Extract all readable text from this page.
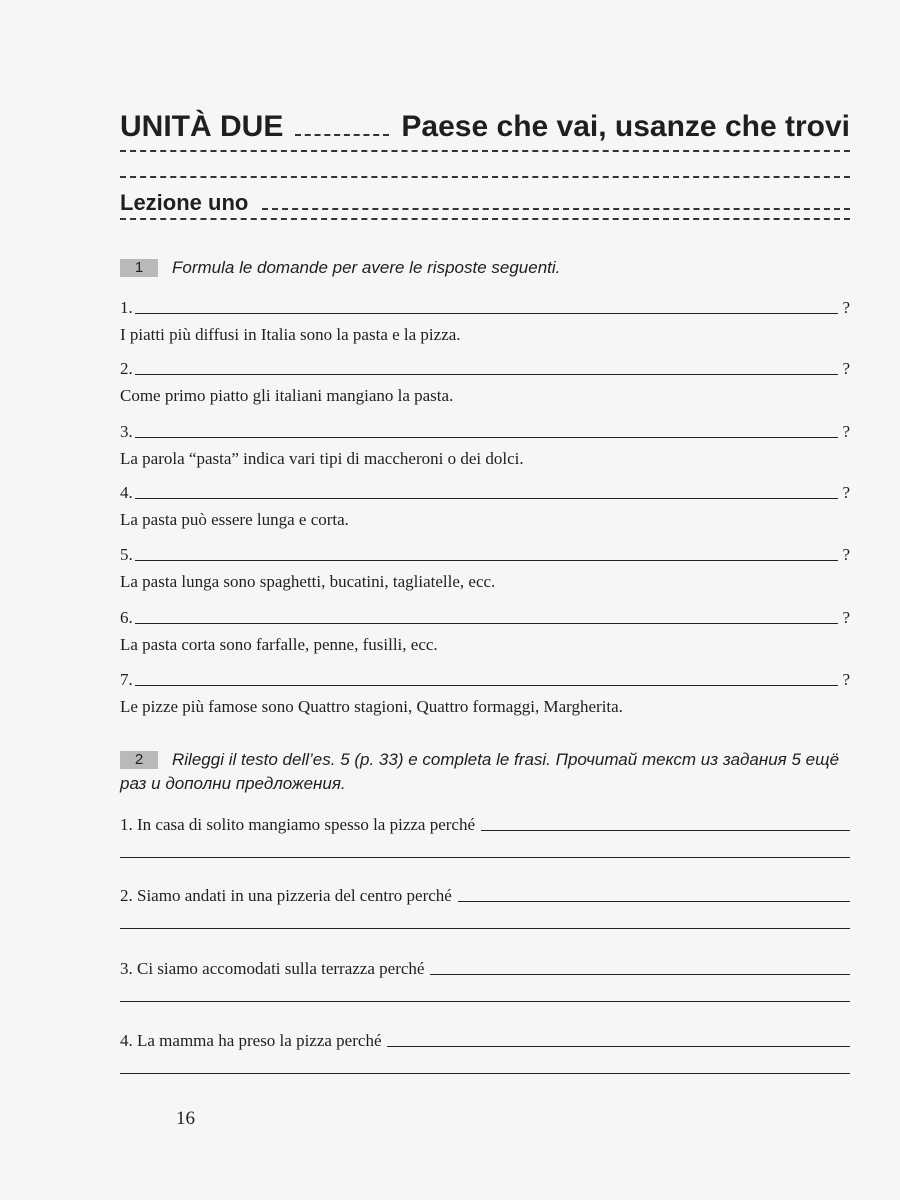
UNITÀ DUE	Paese che vai, usanze che trovi
Lezione uno
1 Formula le domande per avere le risposte seguenti.
1.	?
I piatti più diffusi in Italia sono la pasta e la pizza.
2.	?
Come primo piatto gli italiani mangiano la pasta.
3.	?
La parola “pasta” indica vari tipi di maccheroni o dei dolci.
4.	?
La pasta può essere lunga e corta.
5.	?
La pasta lunga sono spaghetti, bucatini, tagliatelle, ecc.
6.	?
La pasta corta sono farfalle, penne, fusilli, ecc.
7.	?
Le pizze più famose sono Quattro stagioni, Quattro formaggi, Margherita.
2 Rileggi il testo dell’es. 5 (p. 33) e completa le frasi. Прочитай текст из задания 5 ещё раз и дополни предложения.
1. In casa di solito mangiamo spesso la pizza perché
2. Siamo andati in una pizzeria del centro perché
3. Ci siamo accomodati sulla terrazza perché
4. La mamma ha preso la pizza perché
16
